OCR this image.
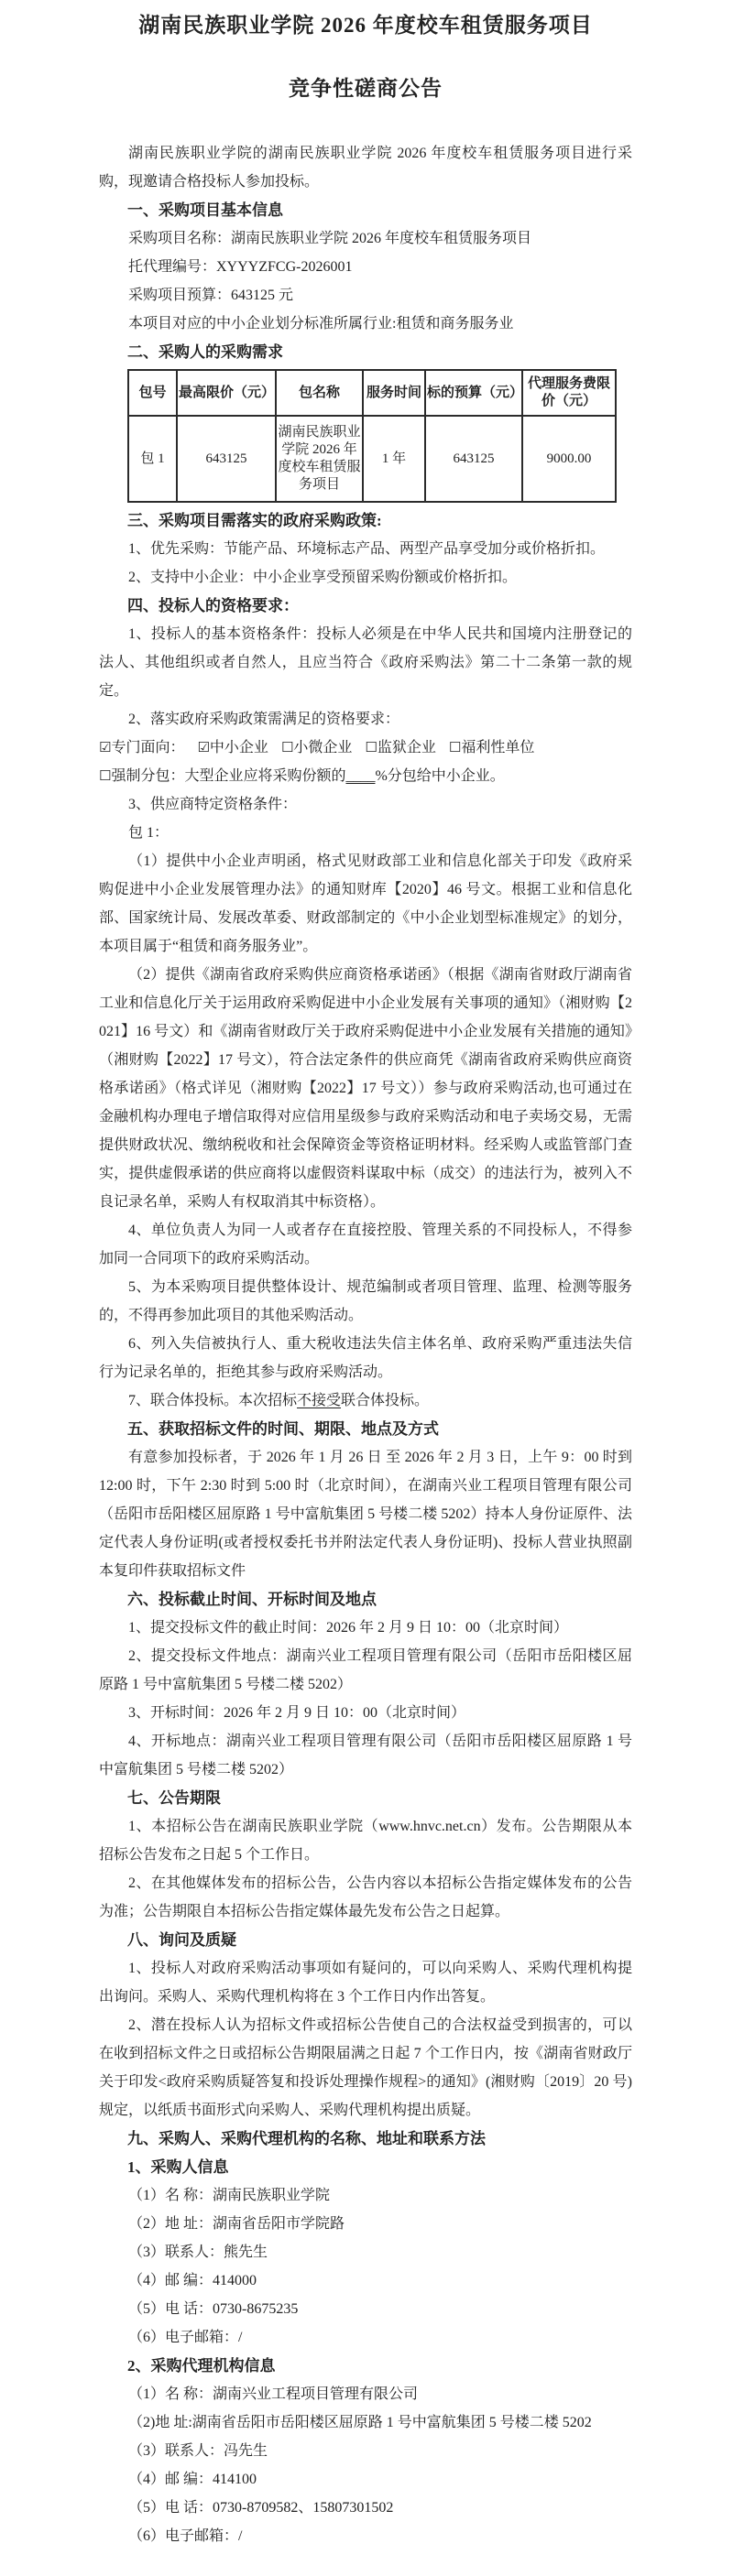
湖南民族职业学院 2026 年度校车租赁服务项目
竞争性磋商公告

湖南民族职业学院的湖南民族职业学院 2026 年度校车租赁服务项目进行采购，现邀请合格投标人参加投标。

一、采购项目基本信息

采购项目名称：湖南民族职业学院 2026 年度校车租赁服务项目

托代理编号：XYYYZFCG-2026001

采购项目预算：643125 元

本项目对应的中小企业划分标准所属行业:租赁和商务服务业

二、采购人的采购需求

包号	最高限价（元）	包名称	服务时间	标的预算（元）	代理服务费限价（元）
包 1	643125	湖南民族职业学院 2026 年度校车租赁服务项目	1 年	643125	9000.00

三、采购项目需落实的政府采购政策:

1、优先采购：节能产品、环境标志产品、两型产品享受加分或价格折扣。

2、支持中小企业：中小企业享受预留采购份额或价格折扣。

四、投标人的资格要求：

1、投标人的基本资格条件：投标人必须是在中华人民共和国境内注册登记的法人、其他组织或者自然人，且应当符合《政府采购法》第二十二条第一款的规定。

2、落实政府采购政策需满足的资格要求：

☑专门面向： ☑中小企业 ☐小微企业 ☐监狱企业 ☐福利性单位

☐强制分包：大型企业应将采购份额的____%分包给中小企业。

3、供应商特定资格条件：

包 1：

（1）提供中小企业声明函，格式见财政部工业和信息化部关于印发《政府采购促进中小企业发展管理办法》的通知财库【2020】46 号文。根据工业和信息化部、国家统计局、发展改革委、财政部制定的《中小企业划型标准规定》的划分，本项目属于“租赁和商务服务业”。

（2）提供《湖南省政府采购供应商资格承诺函》（根据《湖南省财政厅湖南省工业和信息化厅关于运用政府采购促进中小企业发展有关事项的通知》（湘财购【2021】16 号文）和《湖南省财政厅关于政府采购促进中小企业发展有关措施的通知》（湘财购【2022】17 号文），符合法定条件的供应商凭《湖南省政府采购供应商资格承诺函》（格式详见（湘财购【2022】17 号文））参与政府采购活动,也可通过在金融机构办理电子增信取得对应信用星级参与政府采购活动和电子卖场交易，无需提供财政状况、缴纳税收和社会保障资金等资格证明材料。经采购人或监管部门查实，提供虚假承诺的供应商将以虚假资料谋取中标（成交）的违法行为，被列入不良记录名单，采购人有权取消其中标资格）。

4、单位负责人为同一人或者存在直接控股、管理关系的不同投标人，不得参加同一合同项下的政府采购活动。

5、为本采购项目提供整体设计、规范编制或者项目管理、监理、检测等服务的，不得再参加此项目的其他采购活动。

6、列入失信被执行人、重大税收违法失信主体名单、政府采购严重违法失信行为记录名单的，拒绝其参与政府采购活动。

7、联合体投标。本次招标不接受联合体投标。

五、获取招标文件的时间、期限、地点及方式

有意参加投标者，于 2026 年 1 月 26 日 至 2026 年 2 月 3 日，上午 9：00 时到 12:00 时，下午 2:30 时到 5:00 时（北京时间），在湖南兴业工程项目管理有限公司（岳阳市岳阳楼区屈原路 1 号中富航集团 5 号楼二楼 5202）持本人身份证原件、法定代表人身份证明(或者授权委托书并附法定代表人身份证明)、投标人营业执照副本复印件获取招标文件

六、投标截止时间、开标时间及地点

1、提交投标文件的截止时间：2026 年 2 月 9 日 10：00（北京时间）

2、提交投标文件地点：湖南兴业工程项目管理有限公司（岳阳市岳阳楼区屈原路 1 号中富航集团 5 号楼二楼 5202）

3、开标时间：2026 年 2 月 9 日 10：00（北京时间）

4、开标地点：湖南兴业工程项目管理有限公司（岳阳市岳阳楼区屈原路 1 号中富航集团 5 号楼二楼 5202）

七、公告期限

1、本招标公告在湖南民族职业学院（www.hnvc.net.cn）发布。公告期限从本招标公告发布之日起 5 个工作日。

2、在其他媒体发布的招标公告，公告内容以本招标公告指定媒体发布的公告为准；公告期限自本招标公告指定媒体最先发布公告之日起算。

八、询问及质疑

1、投标人对政府采购活动事项如有疑问的，可以向采购人、采购代理机构提出询问。采购人、采购代理机构将在 3 个工作日内作出答复。

2、潜在投标人认为招标文件或招标公告使自己的合法权益受到损害的，可以在收到招标文件之日或招标公告期限届满之日起 7 个工作日内，按《湖南省财政厅关于印发<政府采购质疑答复和投诉处理操作规程>的通知》(湘财购〔2019〕20 号)规定，以纸质书面形式向采购人、采购代理机构提出质疑。

九、采购人、采购代理机构的名称、地址和联系方法

1、采购人信息

（1）名 称：湖南民族职业学院

（2）地 址：湖南省岳阳市学院路

（3）联系人：熊先生

（4）邮 编：414000

（5）电 话：0730-8675235

（6）电子邮箱：/

2、采购代理机构信息

（1）名 称：湖南兴业工程项目管理有限公司

（2)地 址:湖南省岳阳市岳阳楼区屈原路 1 号中富航集团 5 号楼二楼 5202

（3）联系人：冯先生

（4）邮 编：414100

（5）电 话：0730-8709582、15807301502

（6）电子邮箱：/
